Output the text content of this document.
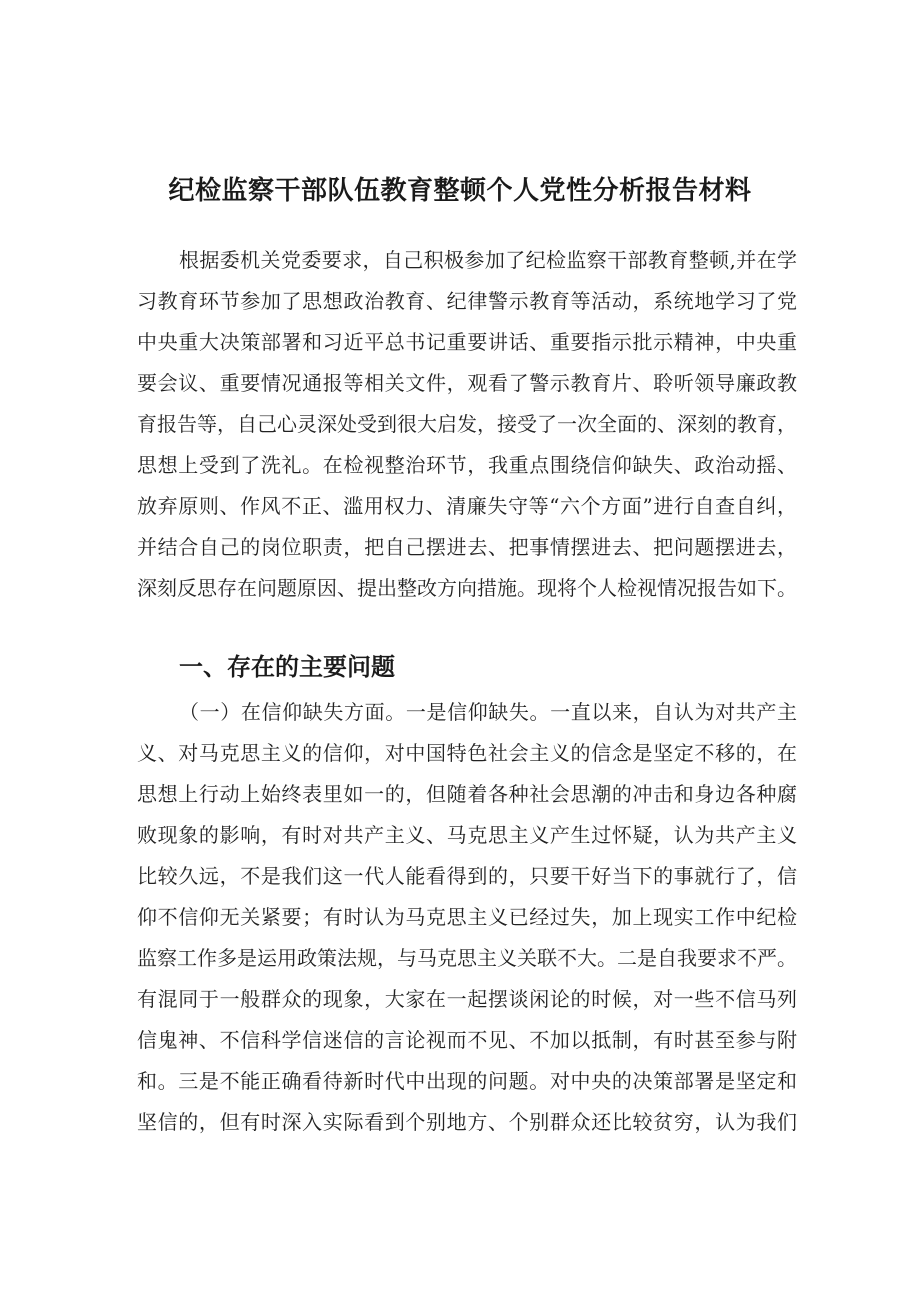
纪检监察干部队伍教育整顿个人党性分析报告材料
根据委机关党委要求，自己积极参加了纪检监察干部教育整顿,并在学
习教育环节参加了思想政治教育、纪律警示教育等活动，系统地学习了党
中央重大决策部署和习近平总书记重要讲话、重要指示批示精神，中央重
要会议、重要情况通报等相关文件，观看了警示教育片、聆听领导廉政教
育报告等，自己心灵深处受到很大启发，接受了一次全面的、深刻的教育，
思想上受到了洗礼。在检视整治环节，我重点围绕信仰缺失、政治动摇、
放弃原则、作风不正、滥用权力、清廉失守等“六个方面”进行自查自纠，
并结合自己的岗位职责，把自己摆进去、把事情摆进去、把问题摆进去，
深刻反思存在问题原因、提出整改方向措施。现将个人检视情况报告如下。
一、存在的主要问题
（一）在信仰缺失方面。一是信仰缺失。一直以来，自认为对共产主
义、对马克思主义的信仰，对中国特色社会主义的信念是坚定不移的，在
思想上行动上始终表里如一的，但随着各种社会思潮的冲击和身边各种腐
败现象的影响，有时对共产主义、马克思主义产生过怀疑，认为共产主义
比较久远，不是我们这一代人能看得到的，只要干好当下的事就行了，信
仰不信仰无关紧要；有时认为马克思主义已经过失，加上现实工作中纪检
监察工作多是运用政策法规，与马克思主义关联不大。二是自我要求不严。
有混同于一般群众的现象，大家在一起摆谈闲论的时候，对一些不信马列
信鬼神、不信科学信迷信的言论视而不见、不加以抵制，有时甚至参与附
和。三是不能正确看待新时代中出现的问题。对中央的决策部署是坚定和
坚信的，但有时深入实际看到个别地方、个别群众还比较贫穷，认为我们
